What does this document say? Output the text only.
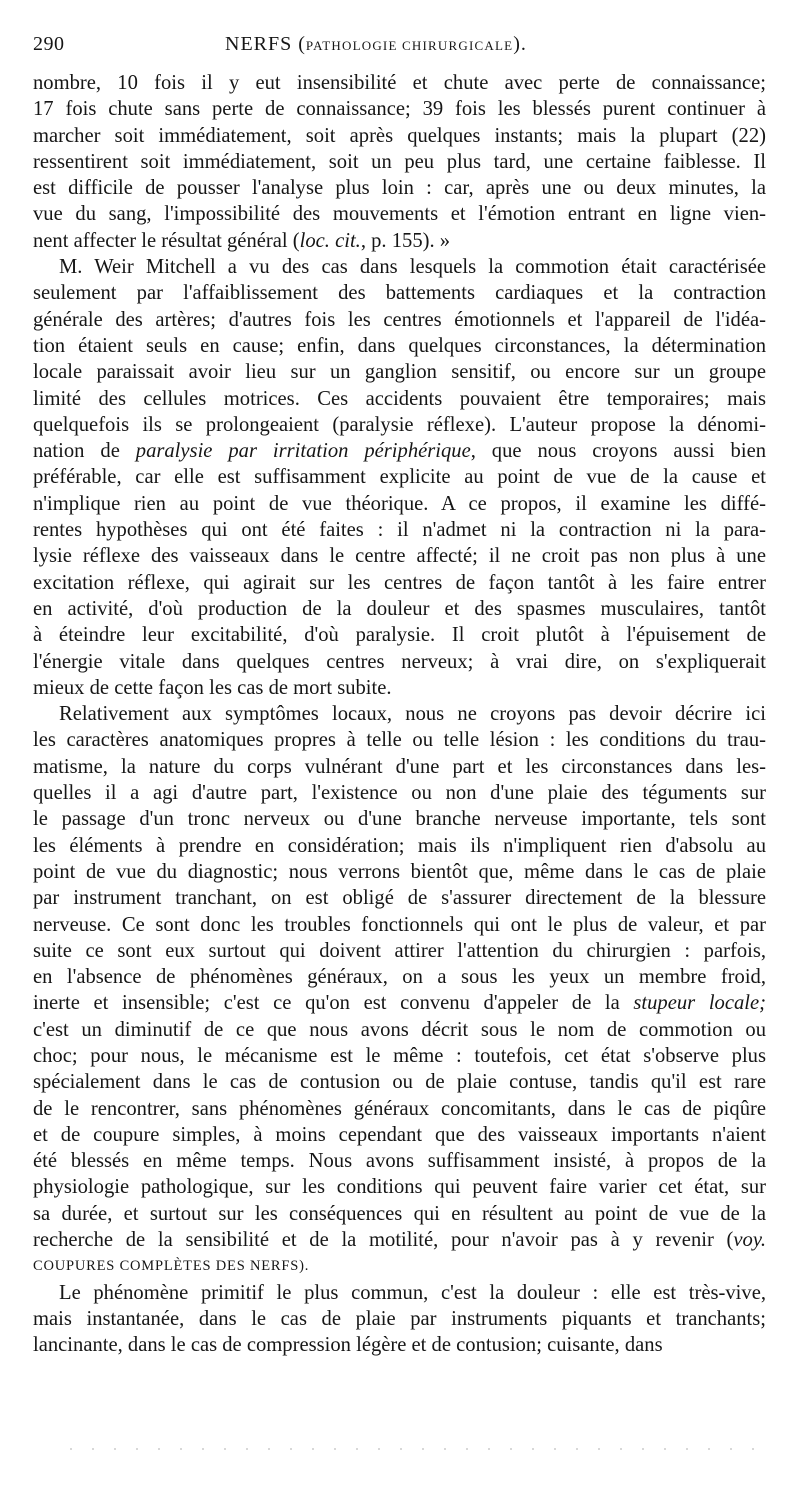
290	NERFS (PATHOLOGIE CHIRURGICALE).
nombre, 10 fois il y eut insensibilité et chute avec perte de connaissance;
17 fois chute sans perte de connaissance; 39 fois les blessés purent continuer à
marcher soit immédiatement, soit après quelques instants; mais la plupart (22)
ressentirent soit immédiatement, soit un peu plus tard, une certaine faiblesse. Il
est difficile de pousser l'analyse plus loin : car, après une ou deux minutes, la
vue du sang, l'impossibilité des mouvements et l'émotion entrant en ligne vien-
nent affecter le résultat général (loc. cit., p. 155). »
M. Weir Mitchell a vu des cas dans lesquels la commotion était caractérisée
seulement par l'affaiblissement des battements cardiaques et la contraction
générale des artères; d'autres fois les centres émotionnels et l'appareil de l'idéa-
tion étaient seuls en cause; enfin, dans quelques circonstances, la détermination
locale paraissait avoir lieu sur un ganglion sensitif, ou encore sur un groupe
limité des cellules motrices. Ces accidents pouvaient être temporaires; mais
quelquefois ils se prolongeaient (paralysie réflexe). L'auteur propose la dénomi-
nation de paralysie par irritation périphérique, que nous croyons aussi bien
préférable, car elle est suffisamment explicite au point de vue de la cause et
n'implique rien au point de vue théorique. A ce propos, il examine les diffé-
rentes hypothèses qui ont été faites : il n'admet ni la contraction ni la para-
lysie réflexe des vaisseaux dans le centre affecté; il ne croit pas non plus à une
excitation réflexe, qui agirait sur les centres de façon tantôt à les faire entrer
en activité, d'où production de la douleur et des spasmes musculaires, tantôt
à éteindre leur excitabilité, d'où paralysie. Il croit plutôt à l'épuisement de
l'énergie vitale dans quelques centres nerveux; à vrai dire, on s'expliquerait
mieux de cette façon les cas de mort subite.
Relativement aux symptômes locaux, nous ne croyons pas devoir décrire ici
les caractères anatomiques propres à telle ou telle lésion : les conditions du trau-
matisme, la nature du corps vulnérant d'une part et les circonstances dans les-
quelles il a agi d'autre part, l'existence ou non d'une plaie des téguments sur
le passage d'un tronc nerveux ou d'une branche nerveuse importante, tels sont
les éléments à prendre en considération; mais ils n'impliquent rien d'absolu au
point de vue du diagnostic; nous verrons bientôt que, même dans le cas de plaie
par instrument tranchant, on est obligé de s'assurer directement de la blessure
nerveuse. Ce sont donc les troubles fonctionnels qui ont le plus de valeur, et par
suite ce sont eux surtout qui doivent attirer l'attention du chirurgien : parfois,
en l'absence de phénomènes généraux, on a sous les yeux un membre froid,
inerte et insensible; c'est ce qu'on est convenu d'appeler de la stupeur locale;
c'est un diminutif de ce que nous avons décrit sous le nom de commotion ou
choc; pour nous, le mécanisme est le même : toutefois, cet état s'observe plus
spécialement dans le cas de contusion ou de plaie contuse, tandis qu'il est rare
de le rencontrer, sans phénomènes généraux concomitants, dans le cas de piqûre
et de coupure simples, à moins cependant que des vaisseaux importants n'aient
été blessés en même temps. Nous avons suffisamment insisté, à propos de la
physiologie pathologique, sur les conditions qui peuvent faire varier cet état, sur
sa durée, et surtout sur les conséquences qui en résultent au point de vue de la
recherche de la sensibilité et de la motilité, pour n'avoir pas à y revenir (voy.
COUPURES COMPLÈTES DES NERFS).
Le phénomène primitif le plus commun, c'est la douleur : elle est très-vive,
mais instantanée, dans le cas de plaie par instruments piquants et tranchants;
lancinante, dans le cas de compression légère et de contusion; cuisante, dans
